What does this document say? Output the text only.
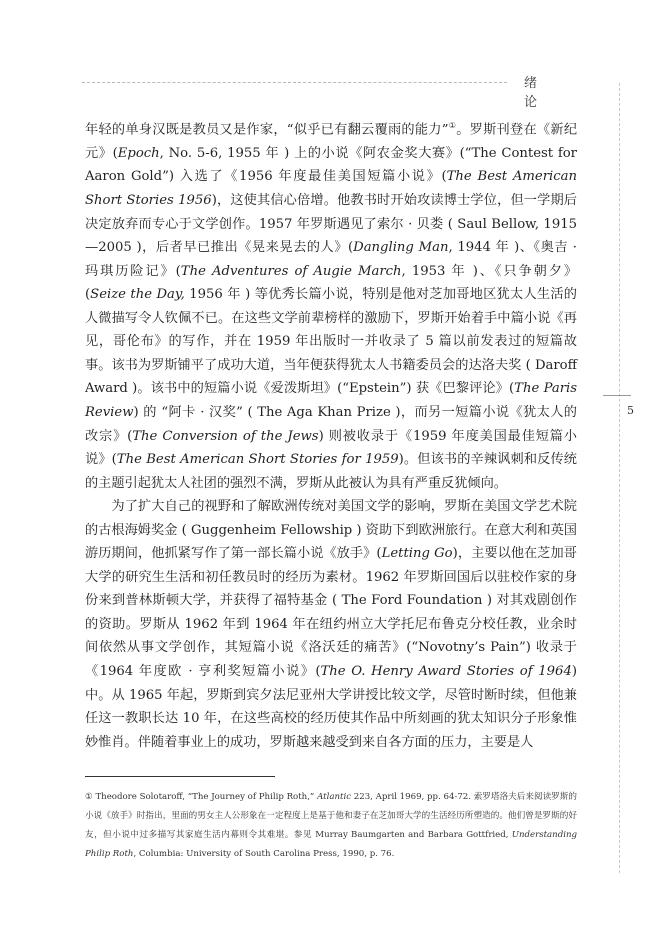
绪 论
5

年轻的单身汉既是教员又是作家，“似乎已有翻云覆雨的能力”①。罗斯刊登在《新纪元》(Epoch, No. 5-6, 1955 年 ) 上的小说《阿农金奖大赛》(“The Contest for Aaron Gold”) 入选了《1956 年度最佳美国短篇小说》(The Best American Short Stories 1956)，这使其信心倍增。他教书时开始攻读博士学位，但一学期后决定放弃而专心于文学创作。1957 年罗斯遇见了索尔 · 贝娄 ( Saul Bellow, 1915—2005 )，后者早已推出《晃来晃去的人》(Dangling Man, 1944 年 )、《奥吉 · 玛琪历险记》(The Adventures of Augie March, 1953 年 )、《只争朝夕》(Seize the Day, 1956 年 ) 等优秀长篇小说，特别是他对芝加哥地区犹太人生活的人微描写令人钦佩不已。在这些文学前辈榜样的激励下，罗斯开始着手中篇小说《再见，哥伦布》的写作，并在 1959 年出版时一并收录了 5 篇以前发表过的短篇故事。该书为罗斯铺平了成功大道，当年便获得犹太人书籍委员会的达洛夫奖 ( Daroff Award )。该书中的短篇小说《爱泼斯坦》(“Epstein”) 获《巴黎评论》(The Paris Review) 的 “阿卡 · 汉奖” ( The Aga Khan Prize )，而另一短篇小说《犹太人的改宗》(The Conversion of the Jews) 则被收录于《1959 年度美国最佳短篇小说》(The Best American Short Stories for 1959)。但该书的辛辣讽刺和反传统的主题引起犹太人社团的强烈不满，罗斯从此被认为具有严重反犹倾向。

为了扩大自己的视野和了解欧洲传统对美国文学的影响，罗斯在美国文学艺术院的古根海姆奖金 ( Guggenheim Fellowship ) 资助下到欧洲旅行。在意大利和英国游历期间，他抓紧写作了第一部长篇小说《放手》(Letting Go)，主要以他在芝加哥大学的研究生生活和初任教员时的经历为素材。1962 年罗斯回国后以驻校作家的身份来到普林斯顿大学，并获得了福特基金 ( The Ford Foundation ) 对其戏剧创作的资助。罗斯从 1962 年到 1964 年在纽约州立大学托尼布鲁克分校任教，业余时间依然从事文学创作，其短篇小说《洛沃廷的痛苦》(“Novotny’s Pain”) 收录于《1964 年度欧 · 亨利奖短篇小说》(The O. Henry Award Stories of 1964) 中。从 1965 年起，罗斯到宾夕法尼亚州大学讲授比较文学，尽管时断时续，但他兼任这一教职长达 10 年，在这些高校的经历使其作品中所刻画的犹太知识分子形象惟妙惟肖。伴随着事业上的成功，罗斯越来越受到来自各方面的压力，主要是人

① Theodore Solotaroff, “The Journey of Philip Roth,” Atlantic 223, April 1969, pp. 64-72. 索罗塔洛夫后来阅读罗斯的小说《放手》时指出，里面的男女主人公形象在一定程度上是基于他和妻子在芝加哥大学的生活经历所塑造的。他们曾是罗斯的好友，但小说中过多描写其家庭生活内幕则令其难堪。参见 Murray Baumgarten and Barbara Gottfried, Understanding Philip Roth, Columbia: University of South Carolina Press, 1990, p. 76.
